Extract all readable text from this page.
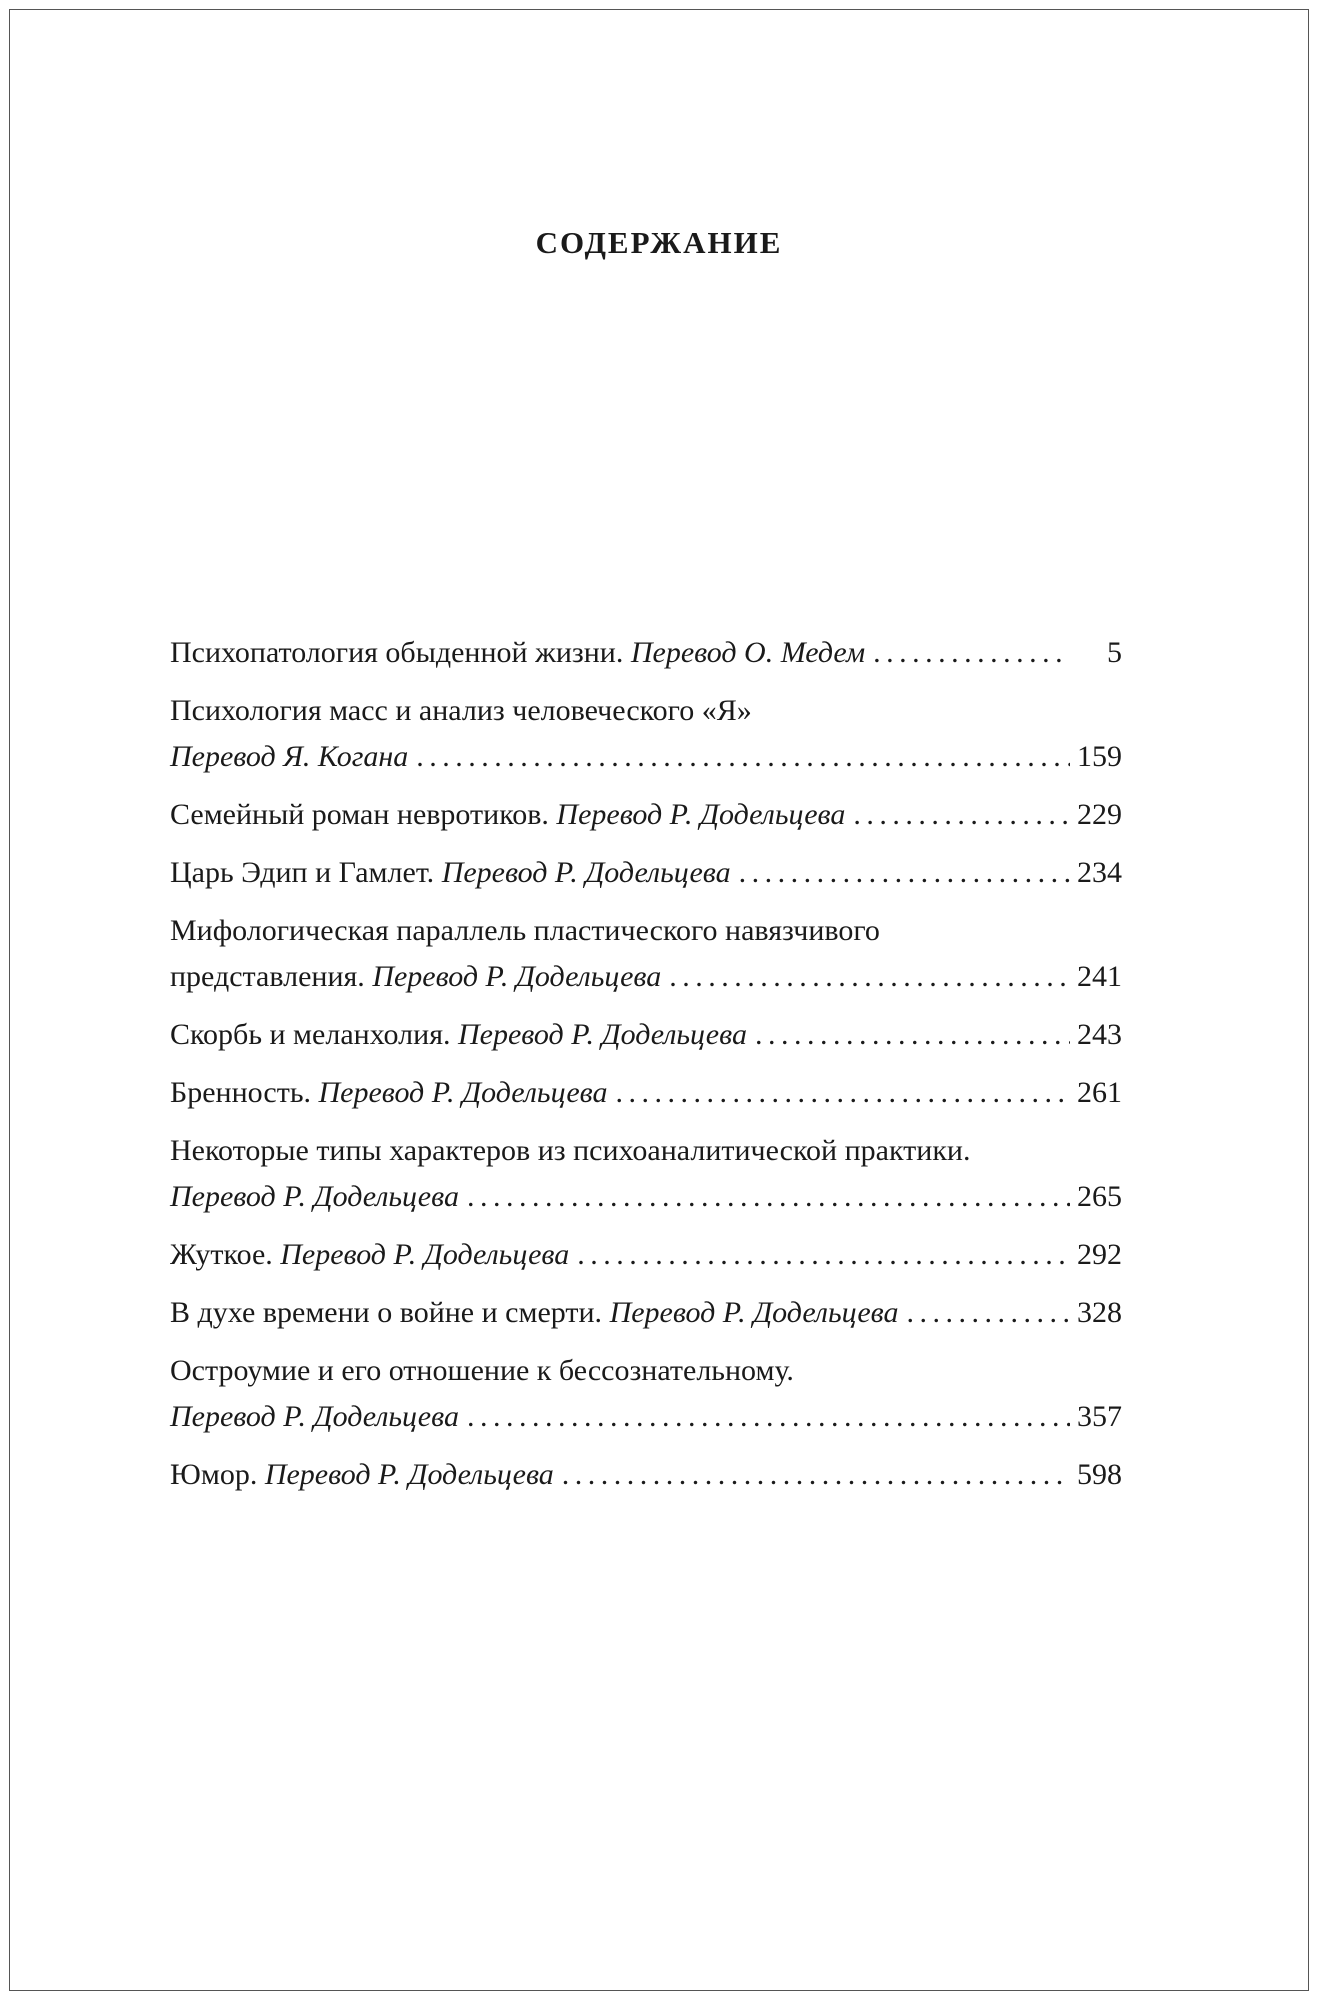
СОДЕРЖАНИЕ
Психопатология обыденной жизни.
Перевод О. Медем . . .	5
Психология масс и анализ человеческого «Я»
Перевод Я. Когана . . .	159
Семейный роман невротиков.
Перевод Р. Додельцева . . .	229
Царь Эдип и Гамлет.
Перевод Р. Додельцева . . .	234
Мифологическая параллель пластического навязчивого
представления.
Перевод Р. Додельцева . . .	241
Скорбь и меланхолия.
Перевод Р. Додельцева . . .	243
Бренность.
Перевод Р. Додельцева . . .	261
Некоторые типы характеров из психоаналитической практики.
Перевод Р. Додельцева . . .	265
Жуткое.
Перевод Р. Додельцева . . .	292
В духе времени о войне и смерти.
Перевод Р. Додельцева . . .	328
Остроумие и его отношение к бессознательному.
Перевод Р. Додельцева . . .	357
Юмор.
Перевод Р. Додельцева . . .	598
